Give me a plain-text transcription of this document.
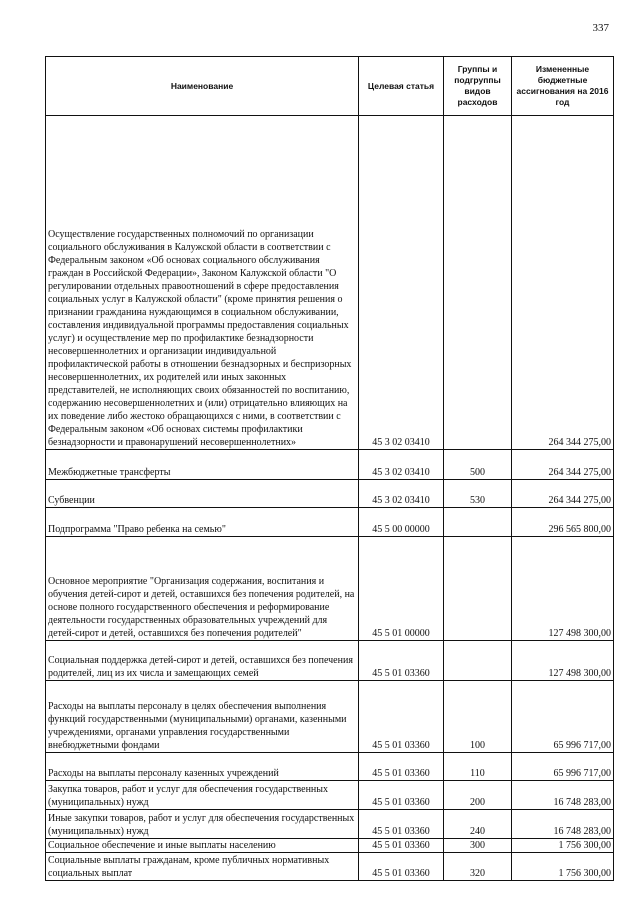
337
Наименование	Целевая статья	Группы и подгруппы видов расходов	Измененные бюджетные ассигнования на 2016 год
Осуществление государственных полномочий по организации социального обслуживания в Калужской области в соответствии с Федеральным законом «Об основах социального обслуживания граждан в Российской Федерации», Законом Калужской области "О регулировании отдельных правоотношений в сфере предоставления социальных услуг в Калужской области" (кроме принятия решения о признании гражданина нуждающимся в социальном обслуживании, составления индивидуальной программы предоставления социальных услуг) и осуществление мер по профилактике безнадзорности несовершеннолетних и организации индивидуальной профилактической работы в отношении безнадзорных и беспризорных несовершеннолетних, их родителей или иных законных представителей, не исполняющих своих обязанностей по воспитанию, содержанию несовершеннолетних и (или) отрицательно влияющих на их поведение либо жестоко обращающихся с ними, в соответствии с Федеральным законом «Об основах системы профилактики безнадзорности и правонарушений несовершеннолетних»	45 3 02 03410		264 344 275,00
Межбюджетные трансферты	45 3 02 03410	500	264 344 275,00
Субвенции	45 3 02 03410	530	264 344 275,00
Подпрограмма "Право ребенка на семью"	45 5 00 00000		296 565 800,00
Основное мероприятие "Организация содержания, воспитания и обучения детей-сирот и детей, оставшихся без попечения родителей, на основе полного государственного обеспечения и реформирование деятельности государственных образовательных учреждений для детей-сирот и детей, оставшихся без попечения родителей"	45 5 01 00000		127 498 300,00
Социальная поддержка детей-сирот и детей, оставшихся без попечения родителей, лиц из их числа и замещающих семей	45 5 01 03360		127 498 300,00
Расходы на выплаты персоналу в целях обеспечения выполнения функций государственными (муниципальными) органами, казенными учреждениями, органами управления государственными внебюджетными фондами	45 5 01 03360	100	65 996 717,00
Расходы на выплаты персоналу казенных учреждений	45 5 01 03360	110	65 996 717,00
Закупка товаров, работ и услуг для обеспечения государственных (муниципальных) нужд	45 5 01 03360	200	16 748 283,00
Иные закупки товаров, работ и услуг для обеспечения государственных (муниципальных) нужд	45 5 01 03360	240	16 748 283,00
Социальное обеспечение и иные выплаты населению	45 5 01 03360	300	1 756 300,00
Социальные выплаты гражданам, кроме публичных нормативных социальных выплат	45 5 01 03360	320	1 756 300,00
